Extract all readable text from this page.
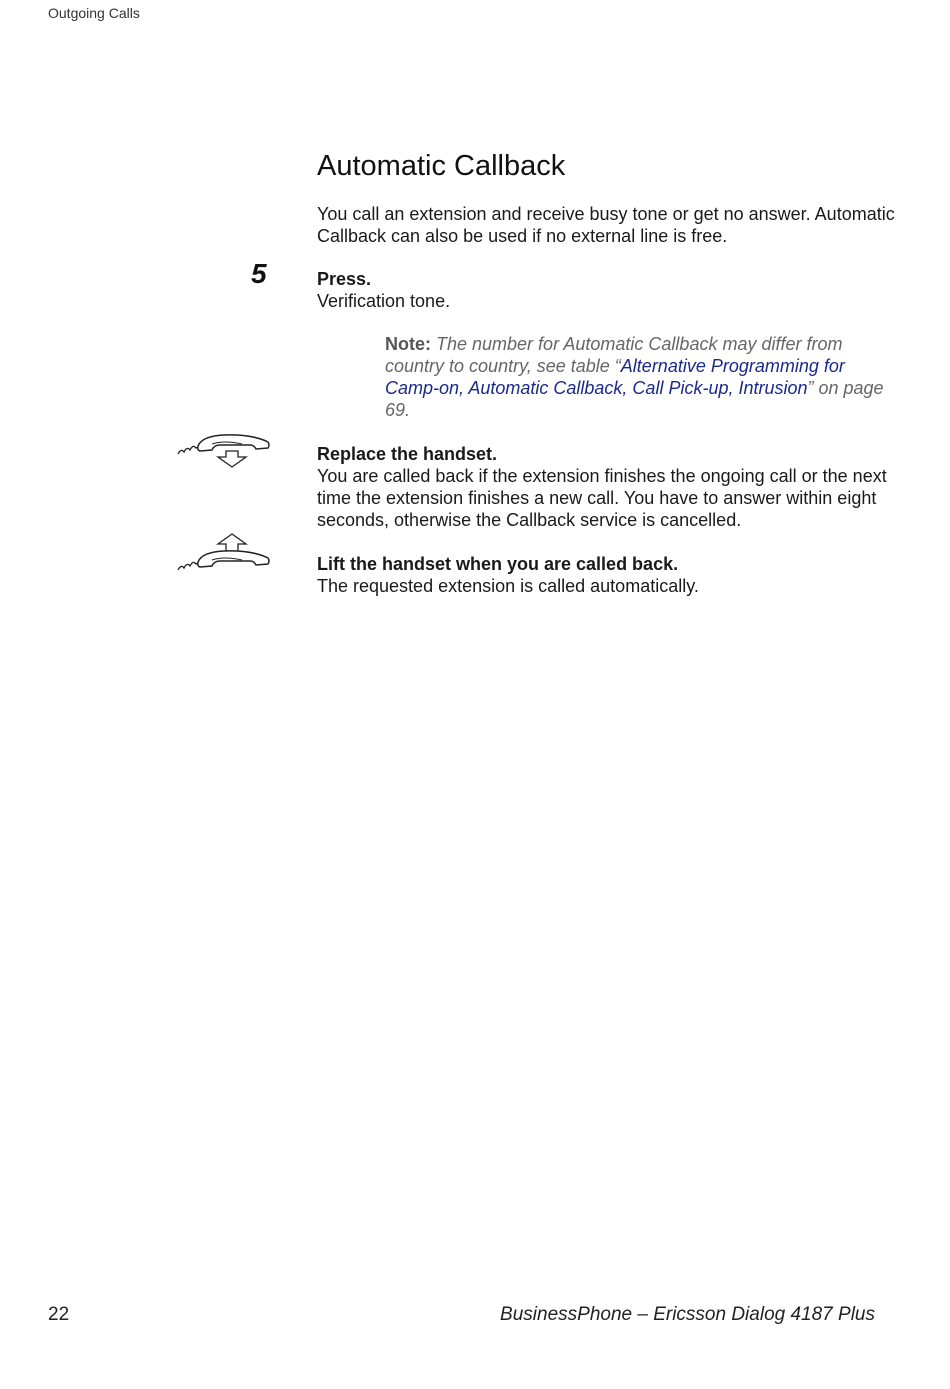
Outgoing Calls
Automatic Callback
You call an extension and receive busy tone or get no answer. Automatic Callback can also be used if no external line is free.
5	Press.
Verification tone.
Note: The number for Automatic Callback may differ from country to country, see table “Alternative Programming for Camp-on, Automatic Callback, Call Pick-up, Intrusion” on page 69.
Replace the handset.
You are called back if the extension finishes the ongoing call or the next time the extension finishes a new call. You have to answer within eight seconds, otherwise the Callback service is cancelled.
Lift the handset when you are called back.
The requested extension is called automatically.
22	BusinessPhone – Ericsson Dialog 4187 Plus
